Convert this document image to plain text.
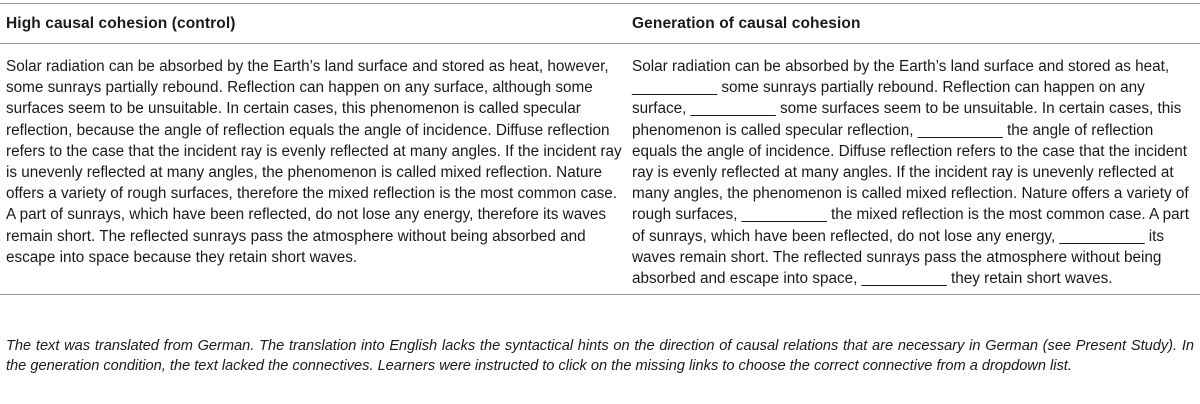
High causal cohesion (control)	Generation of causal cohesion

Solar radiation can be absorbed by the Earth’s land surface and stored as heat, however, some sunrays partially rebound. Reflection can happen on any surface, although some surfaces seem to be unsuitable. In certain cases, this phenomenon is called specular reflection, because the angle of reflection equals the angle of incidence. Diffuse reflection refers to the case that the incident ray is evenly reflected at many angles. If the incident ray is unevenly reflected at many angles, the phenomenon is called mixed reflection. Nature offers a variety of rough surfaces, therefore the mixed reflection is the most common case.

A part of sunrays, which have been reflected, do not lose any energy, therefore its waves remain short. The reflected sunrays pass the atmosphere without being absorbed and escape into space because they retain short waves.

Solar radiation can be absorbed by the Earth’s land surface and stored as heat, __________ some sunrays partially rebound. Reflection can happen on any surface, __________ some surfaces seem to be unsuitable. In certain cases, this phenomenon is called specular reflection, __________ the angle of reflection equals the angle of incidence. Diffuse reflection refers to the case that the incident ray is evenly reflected at many angles. If the incident ray is unevenly reflected at many angles, the phenomenon is called mixed reflection. Nature offers a variety of rough surfaces, __________ the mixed reflection is the most common case. A part of sunrays, which have been reflected, do not lose any energy, __________ its waves remain short. The reflected sunrays pass the atmosphere without being absorbed and escape into space, __________ they retain short waves.

The text was translated from German. The translation into English lacks the syntactical hints on the direction of causal relations that are necessary in German (see Present Study). In the generation condition, the text lacked the connectives. Learners were instructed to click on the missing links to choose the correct connective from a dropdown list.
